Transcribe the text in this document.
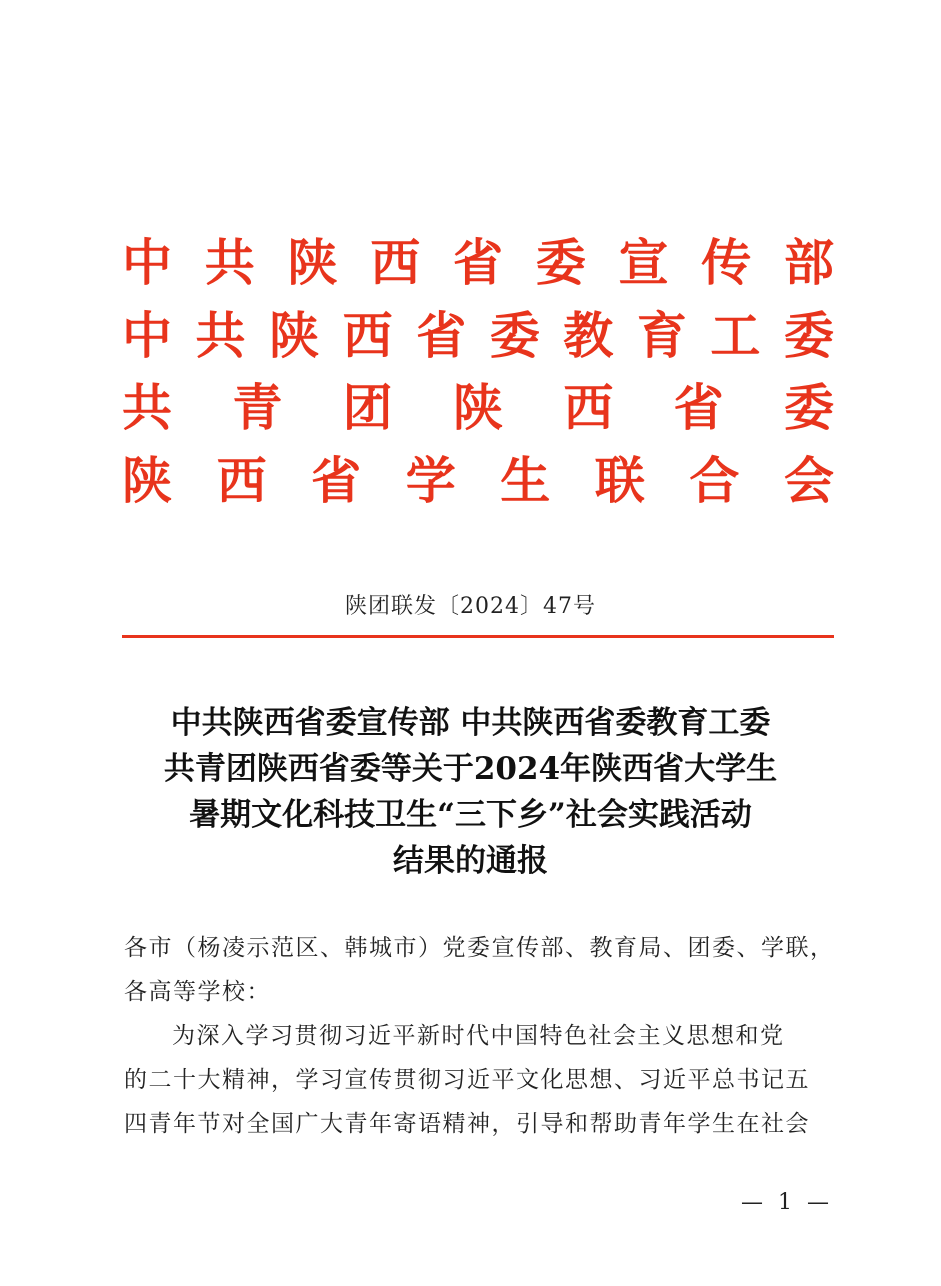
中 共 陕 西 省 委 宣 传 部
中 共 陕 西 省 委 教 育 工 委
共 青 团 陕 西 省 委
陕 西 省 学 生 联 合 会
陕团联发〔2024〕47号
中共陕西省委宣传部 中共陕西省委教育工委
共青团陕西省委等关于2024年陕西省大学生
暑期文化科技卫生“三下乡”社会实践活动
结果的通报
各市（杨凌示范区、韩城市）党委宣传部、教育局、团委、学联，
各高等学校：
为深入学习贯彻习近平新时代中国特色社会主义思想和党
的二十大精神，学习宣传贯彻习近平文化思想、习近平总书记五
四青年节对全国广大青年寄语精神，引导和帮助青年学生在社会
— 1 —
